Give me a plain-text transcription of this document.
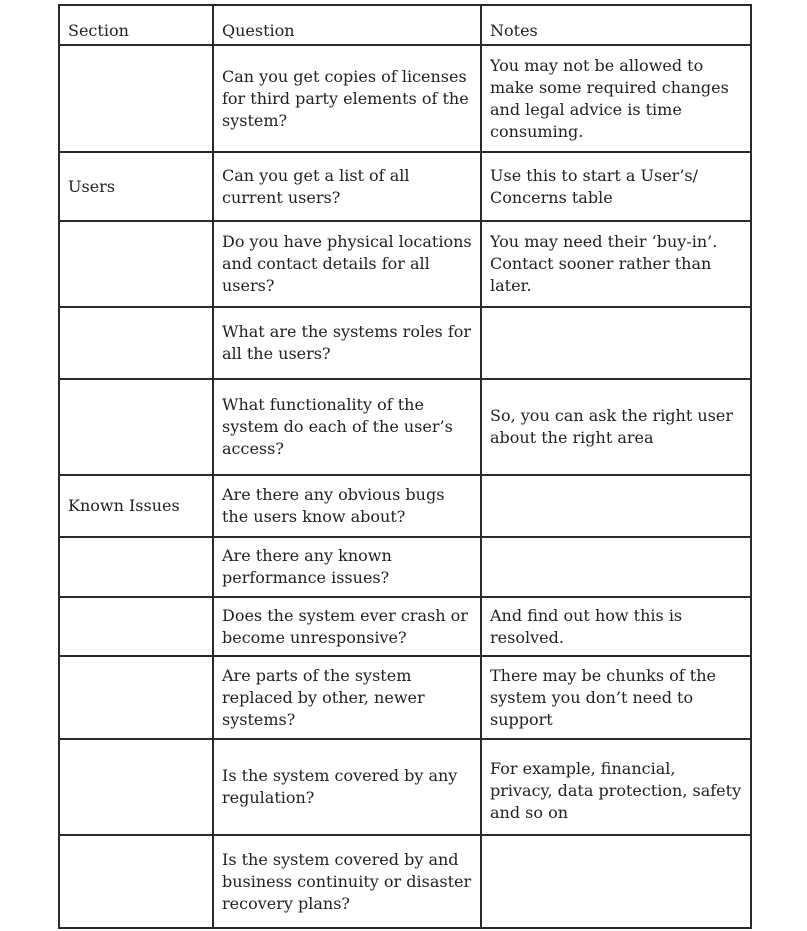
Section	Question	Notes
	Can you get copies of licenses for third party elements of the system?	You may not be allowed to make some required changes and legal advice is time consuming.
Users	Can you get a list of all current users?	Use this to start a User’s/ Concerns table
	Do you have physical locations and contact details for all users?	You may need their ‘buy-in’. Contact sooner rather than later.
	What are the systems roles for all the users?	
	What functionality of the system do each of the user’s access?	So, you can ask the right user about the right area
Known Issues	Are there any obvious bugs the users know about?	
	Are there any known performance issues?	
	Does the system ever crash or become unresponsive?	And find out how this is resolved.
	Are parts of the system replaced by other, newer systems?	There may be chunks of the system you don’t need to support
	Is the system covered by any regulation?	For example, financial, privacy, data protection, safety and so on
	Is the system covered by and business continuity or disaster recovery plans?	
